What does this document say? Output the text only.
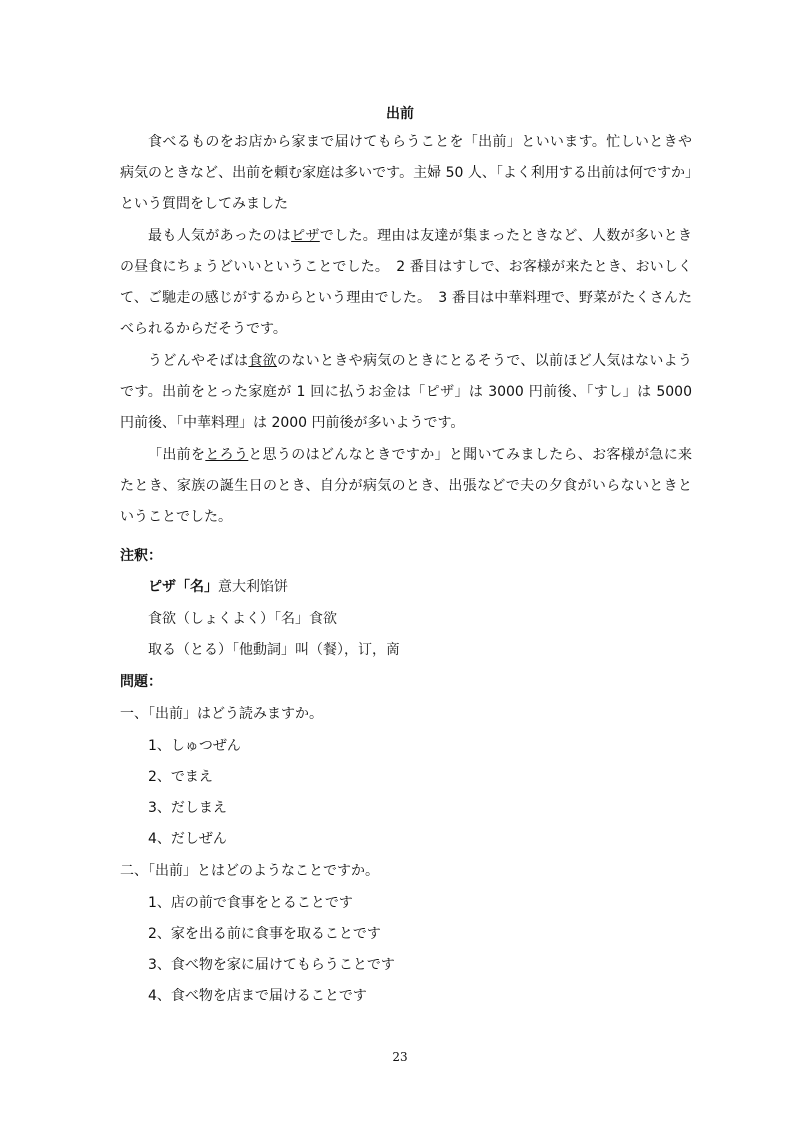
出前

食べるものをお店から家まで届けてもらうことを「出前」といいます。忙しいときや病気のときなど、出前を頼む家庭は多いです。主婦 50 人、「よく利用する出前は何ですか」という質問をしてみました

最も人気があったのはピザでした。理由は友達が集まったときなど、人数が多いときの昼食にちょうどいいということでした。　2 番目はすしで、お客様が来たとき、おいしくて、ご馳走の感じがするからという理由でした。　3 番目は中華料理で、野菜がたくさんたべられるからだそうです。

うどんやそばは食欲のないときや病気のときにとるそうで、以前ほど人気はないようです。出前をとった家庭が 1 回に払うお金は「ピザ」は 3000 円前後、「すし」は 5000 円前後、「中華料理」は 2000 円前後が多いようです。

「出前をとろうと思うのはどんなときですか」と聞いてみましたら、お客様が急に来たとき、家族の誕生日のとき、自分が病気のとき、出張などで夫の夕食がいらないときということでした。

注釈：
ピザ「名」意大利馅饼
食欲（しょくよく）「名」食欲
取る（とる）「他動詞」叫（餐），订，啇
問題：
一、「出前」はどう読みますか。
1、しゅつぜん
2、でまえ
3、だしまえ
4、だしぜん
二、「出前」とはどのようなことですか。
1、店の前で食事をとることです
2、家を出る前に食事を取ることです
3、食べ物を家に届けてもらうことです
4、食べ物を店まで届けることです
23
